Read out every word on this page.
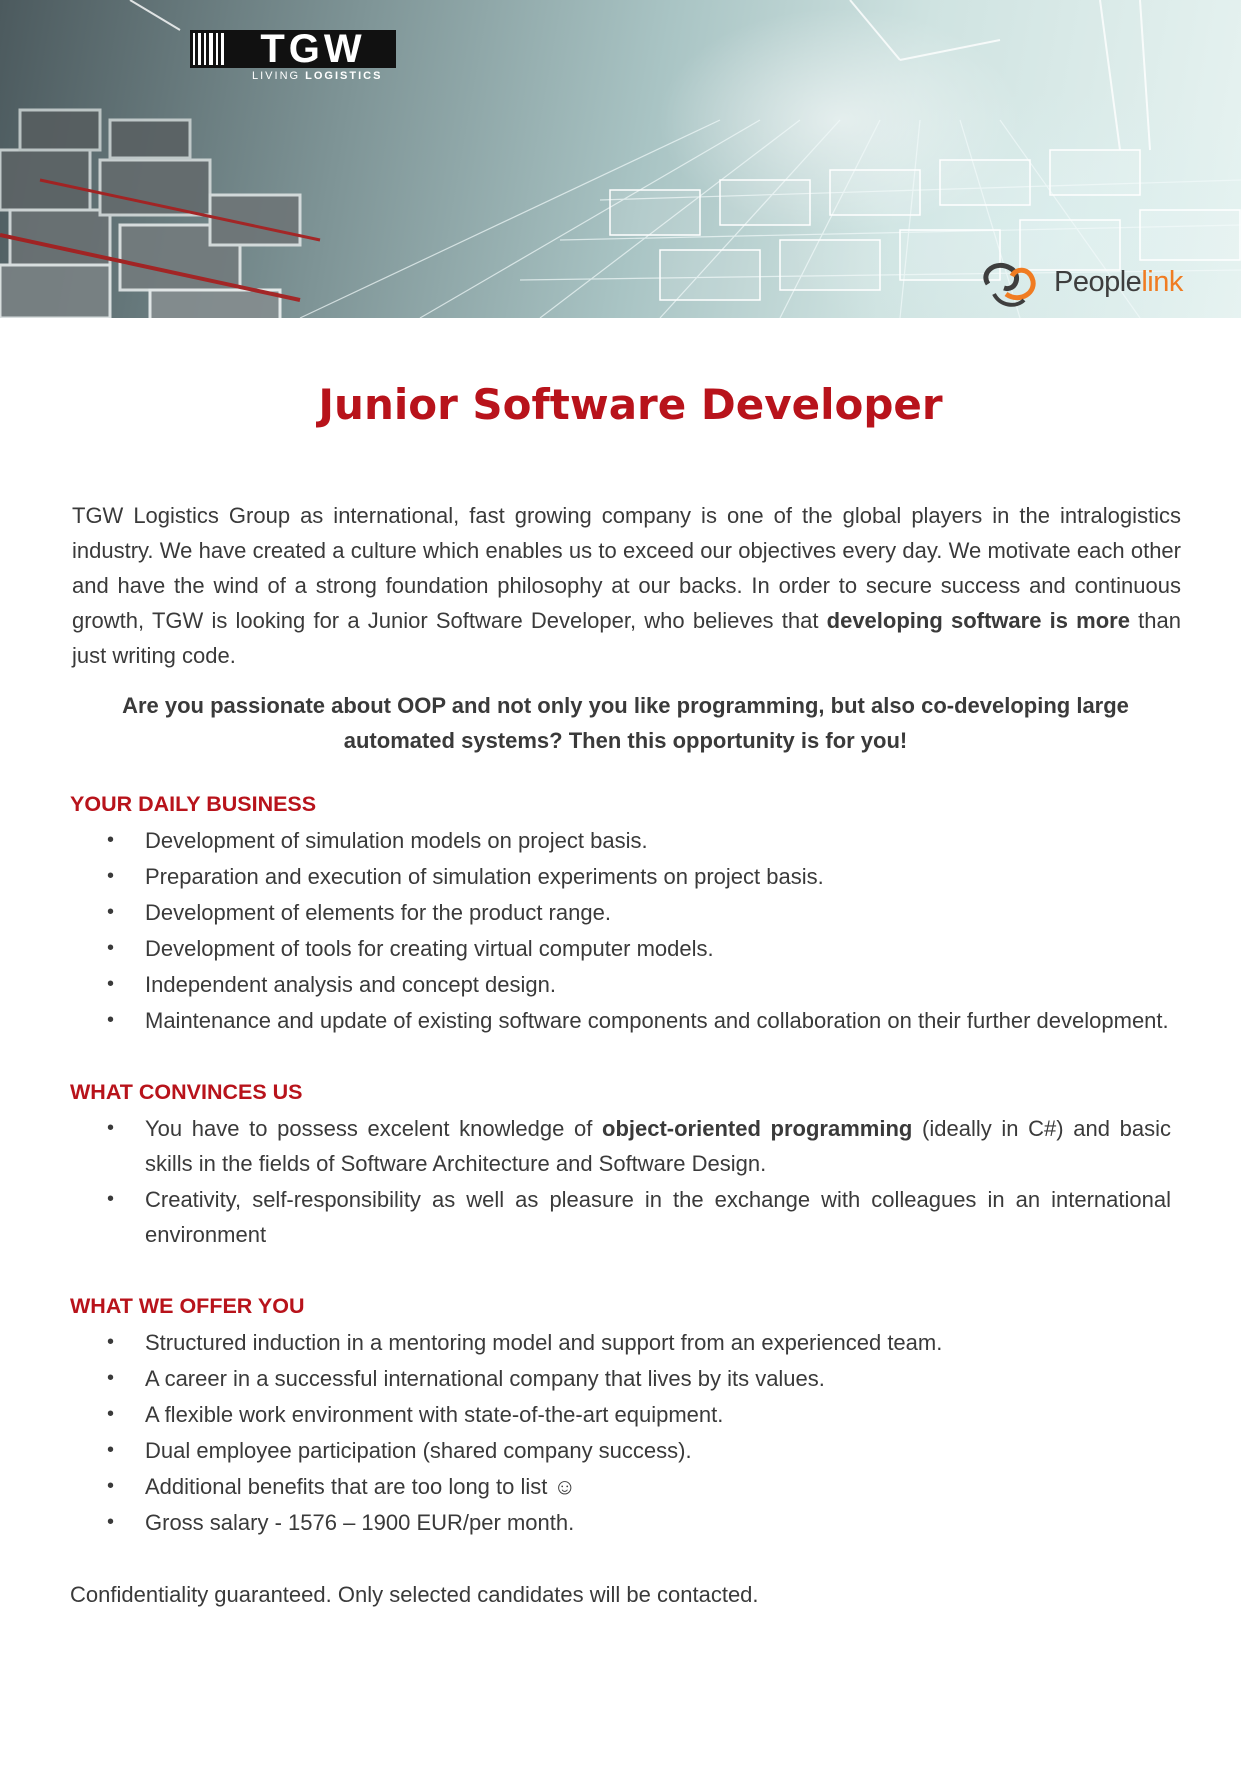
TGW
LIVING LOGISTICS
Peoplelink
Junior Software Developer

TGW Logistics Group as international, fast growing company is one of the global players in the intralogistics industry. We have created a culture which enables us to exceed our objectives every day. We motivate each other and have the wind of a strong foundation philosophy at our backs. In order to secure success and continuous growth, TGW is looking for a Junior Software Developer, who believes that developing software is more than just writing code.

Are you passionate about OOP and not only you like programming, but also co-developing large automated systems? Then this opportunity is for you!

YOUR DAILY BUSINESS
• Development of simulation models on project basis.
• Preparation and execution of simulation experiments on project basis.
• Development of elements for the product range.
• Development of tools for creating virtual computer models.
• Independent analysis and concept design.
• Maintenance and update of existing software components and collaboration on their further development.
WHAT CONVINCES US
• You have to possess excelent knowledge of object-oriented programming (ideally in C#) and basic skills in the fields of Software Architecture and Software Design.
• Creativity, self-responsibility as well as pleasure in the exchange with colleagues in an international environment
WHAT WE OFFER YOU
• Structured induction in a mentoring model and support from an experienced team.
• A career in a successful international company that lives by its values.
• A flexible work environment with state-of-the-art equipment.
• Dual employee participation (shared company success).
• Additional benefits that are too long to list ☺
• Gross salary - 1576 – 1900 EUR/per month.

Confidentiality guaranteed. Only selected candidates will be contacted.
